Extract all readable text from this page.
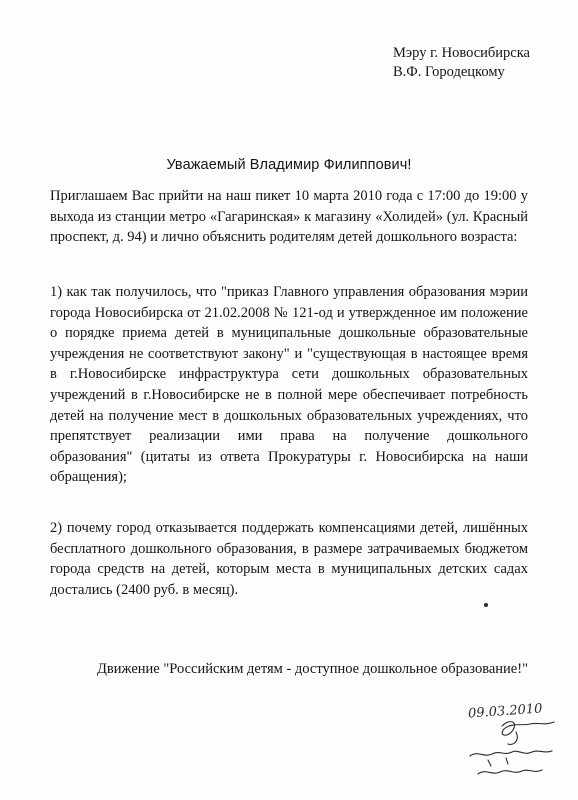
Мэру г. Новосибирска
В.Ф. Городецкому
Уважаемый Владимир Филиппович!
Приглашаем Вас прийти на наш пикет 10 марта 2010 года с 17:00 до 19:00 у выхода из станции метро «Гагаринская» к магазину «Холидей» (ул. Красный проспект, д. 94) и лично объяснить родителям детей дошкольного возраста:
1) как так получилось, что "приказ Главного управления образования мэрии города Новосибирска от 21.02.2008 № 121-од и утвержденное им положение о порядке приема детей в муниципальные дошкольные образовательные учреждения не соответствуют закону" и "существующая в настоящее время в г.Новосибирске инфраструктура сети дошкольных образовательных учреждений в г.Новосибирске не в полной мере обеспечивает потребность детей на получение мест в дошкольных образовательных учреждениях, что препятствует реализации ими права на получение дошкольного образования" (цитаты из ответа Прокуратуры г. Новосибирска на наши обращения);
2) почему город отказывается поддержать компенсациями детей, лишённых бесплатного дошкольного образования, в размере затрачиваемых бюджетом города средств на детей, которым места в муниципальных детских садах достались (2400 руб. в месяц).
Движение "Российским детям - доступное дошкольное образование!"
09.03.2010
